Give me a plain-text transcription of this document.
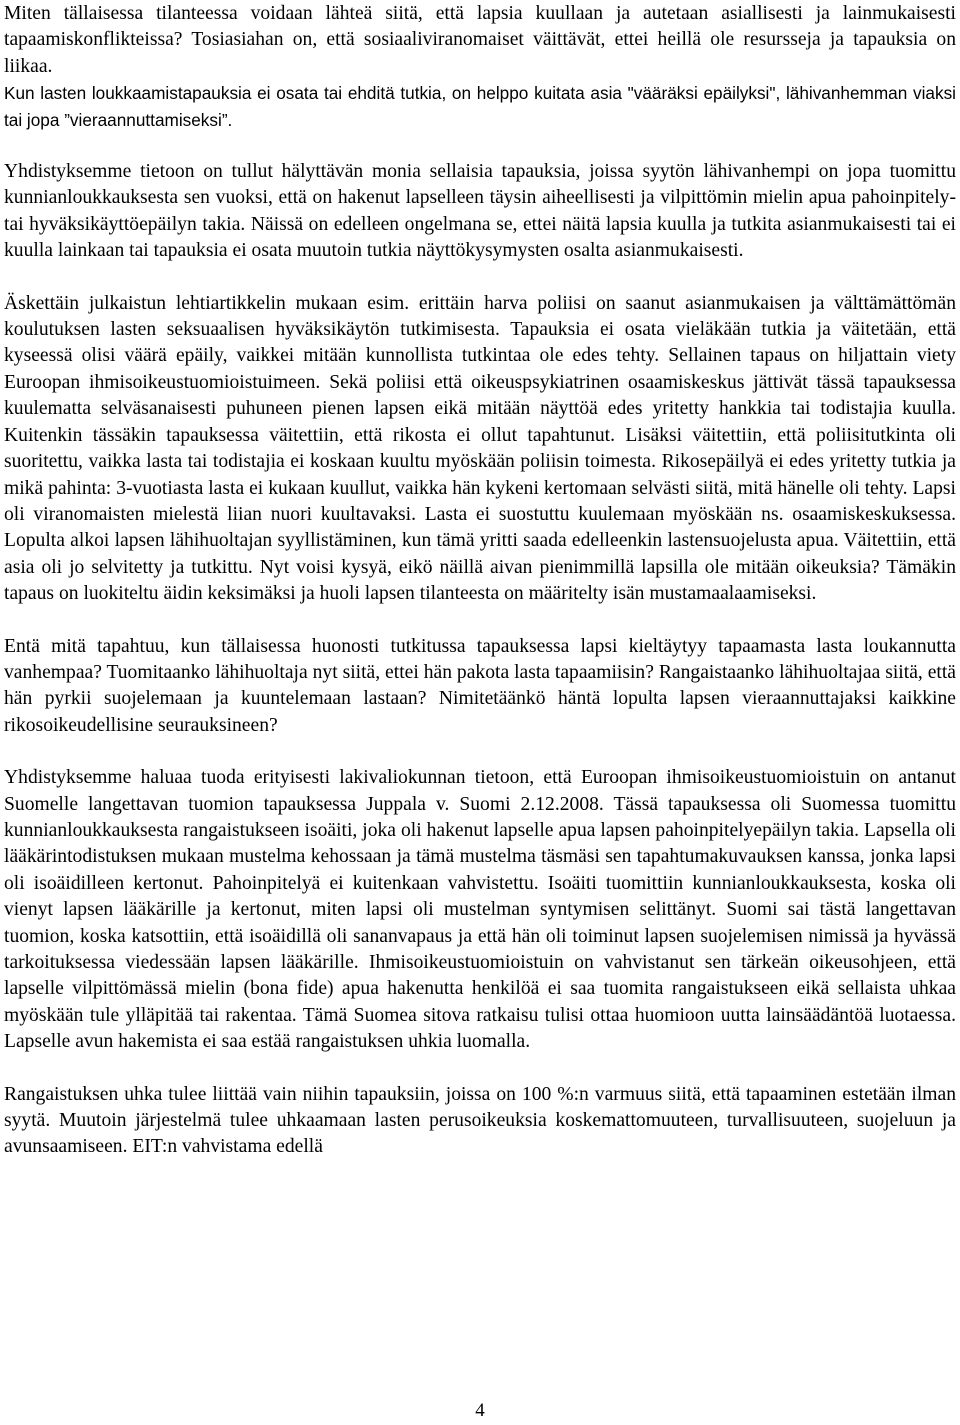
Miten tällaisessa tilanteessa voidaan lähteä siitä, että lapsia kuullaan ja autetaan asiallisesti ja lainmukaisesti tapaamiskonflikteissa? Tosiasiahan on, että sosiaaliviranomaiset väittävät, ettei heillä ole resursseja ja tapauksia on liikaa.

Kun lasten loukkaamistapauksia ei osata tai ehditä tutkia, on helppo kuitata asia "vääräksi epäilyksi", lähivanhemman viaksi tai jopa ”vieraannuttamiseksi”.

Yhdistyksemme tietoon on tullut hälyttävän monia sellaisia tapauksia, joissa syytön lähivanhempi on jopa tuomittu kunnianloukkauksesta sen vuoksi, että on hakenut lapselleen täysin aiheellisesti ja vilpittömin mielin apua pahoinpitely- tai hyväksikäyttöepäilyn takia. Näissä on edelleen ongelmana se, ettei näitä lapsia kuulla ja tutkita asianmukaisesti tai ei kuulla lainkaan tai tapauksia ei osata muutoin tutkia näyttökysymysten osalta asianmukaisesti.

Äskettäin julkaistun lehtiartikkelin mukaan esim. erittäin harva poliisi on saanut asianmukaisen ja välttämättömän koulutuksen lasten seksuaalisen hyväksikäytön tutkimisesta. Tapauksia ei osata vieläkään tutkia ja väitetään, että kyseessä olisi väärä epäily, vaikkei mitään kunnollista tutkintaa ole edes tehty. Sellainen tapaus on hiljattain viety Euroopan ihmisoikeustuomioistuimeen. Sekä poliisi että oikeuspsykiatrinen osaamiskeskus jättivät tässä tapauksessa kuulematta selväsanaisesti puhuneen pienen lapsen eikä mitään näyttöä edes yritetty hankkia tai todistajia kuulla. Kuitenkin tässäkin tapauksessa väitettiin, että rikosta ei ollut tapahtunut. Lisäksi väitettiin, että poliisitutkinta oli suoritettu, vaikka lasta tai todistajia ei koskaan kuultu myöskään poliisin toimesta. Rikosepäilyä ei edes yritetty tutkia ja mikä pahinta: 3-vuotiasta lasta ei kukaan kuullut, vaikka hän kykeni kertomaan selvästi siitä, mitä hänelle oli tehty. Lapsi oli viranomaisten mielestä liian nuori kuultavaksi. Lasta ei suostuttu kuulemaan myöskään ns. osaamiskeskuksessa. Lopulta alkoi lapsen lähihuoltajan syyllistäminen, kun tämä yritti saada edelleenkin lastensuojelusta apua. Väitettiin, että asia oli jo selvitetty ja tutkittu. Nyt voisi kysyä, eikö näillä aivan pienimmillä lapsilla ole mitään oikeuksia? Tämäkin tapaus on luokiteltu äidin keksimäksi ja huoli lapsen tilanteesta on määritelty isän mustamaalaamiseksi.

Entä mitä tapahtuu, kun tällaisessa huonosti tutkitussa tapauksessa lapsi kieltäytyy tapaamasta lasta loukannutta vanhempaa? Tuomitaanko lähihuoltaja nyt siitä, ettei hän pakota lasta tapaamiisin? Rangaistaanko lähihuoltajaa siitä, että hän pyrkii suojelemaan ja kuuntelemaan lastaan? Nimitetäänkö häntä lopulta lapsen vieraannuttajaksi kaikkine rikosoikeudellisine seurauksineen?

Yhdistyksemme haluaa tuoda erityisesti lakivaliokunnan tietoon, että Euroopan ihmisoikeustuomioistuin on antanut Suomelle langettavan tuomion tapauksessa Juppala v. Suomi 2.12.2008. Tässä tapauksessa oli Suomessa tuomittu kunnianloukkauksesta rangaistukseen isoäiti, joka oli hakenut lapselle apua lapsen pahoinpitelyepäilyn takia. Lapsella oli lääkärintodistuksen mukaan mustelma kehossaan ja tämä mustelma täsmäsi sen tapahtumakuvauksen kanssa, jonka lapsi oli isoäidilleen kertonut. Pahoinpitelyä ei kuitenkaan vahvistettu. Isoäiti tuomittiin kunnianloukkauksesta, koska oli vienyt lapsen lääkärille ja kertonut, miten lapsi oli mustelman syntymisen selittänyt. Suomi sai tästä langettavan tuomion, koska katsottiin, että isoäidillä oli sananvapaus ja että hän oli toiminut lapsen suojelemisen nimissä ja hyvässä tarkoituksessa viedessään lapsen lääkärille. Ihmisoikeustuomioistuin on vahvistanut sen tärkeän oikeusohjeen, että lapselle vilpittömässä mielin (bona fide) apua hakenutta henkilöä ei saa tuomita rangaistukseen eikä sellaista uhkaa myöskään tule ylläpitää tai rakentaa. Tämä Suomea sitova ratkaisu tulisi ottaa huomioon uutta lainsäädäntöä luotaessa. Lapselle avun hakemista ei saa estää rangaistuksen uhkia luomalla.

Rangaistuksen uhka tulee liittää vain niihin tapauksiin, joissa on 100 %:n varmuus siitä, että tapaaminen estetään ilman syytä. Muutoin järjestelmä tulee uhkaamaan lasten perusoikeuksia koskemattomuuteen, turvallisuuteen, suojeluun ja avunsaamiseen. EIT:n vahvistama edellä

4
